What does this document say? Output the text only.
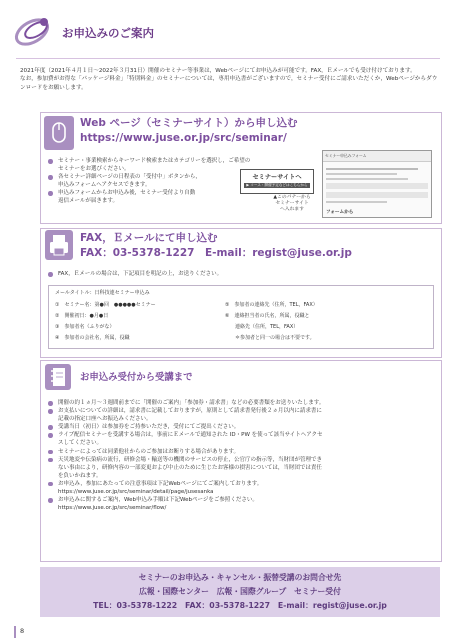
お申込みのご案内
2021年度（2021年４月１日～2022年３月31日）開催のセミナー等事業は，Webページにてお申込みが可能です。FAX，Ｅメールでも受け付けております。
なお，参加費がお得な「パッケージ料金」「特別料金」のセミナーについては，専用申込書がございますので，セミナー受付にご請求いただくか，Webページからダウンロードをお願いします。
Web ページ（セミナーサイト）から申し込む
https://www.juse.or.jp/src/seminar/
セミナー・事業検索からキーワード検索またはカテゴリーを選択し，ご希望の
セミナーをお選びください。
各セミナー詳細ページの日程表の「受付中」ボタンから，
申込みフォームへアクセスできます。
申込みフォームからお申込み後，セミナー受付より自動
返信メールが届きます。
セミナーサイトへ
▶ コース・開催予定などはこちらから
▲このバナーから
セミナーサイト
へ入れます
セミナー申込みフォーム
フォームから
FAX，Ｅメールにて申し込む
FAX：03-5378-1227　E-mail：regist@juse.or.jp
FAX，Ｅメールの場合は，下記項目を明記の上，お送りください。
メールタイトル：日科技連セミナー申込み
①　セミナー名：第●回　●●●●●セミナー
②　開催初日：●月●日
③　参加者名（ふりがな）
④　参加者の会社名，所属，役職
⑤　参加者の連絡先（住所，TEL，FAX）
⑥　連絡担当者の氏名，所属，役職と
　　連絡先（住所，TEL，FAX）
　　＊参加者と同一の場合は不要です。
お申込み受付から受講まで
開催の約１ヵ月～３週間前までに「開催のご案内」「参加券・請求書」などの必要書類をお送りいたします。
お支払いについての詳細は，請求書に記載しておりますが，原則として請求書発行後２ヵ月以内に請求書に
記載の指定口座へお振込みください。
受講当日（初日）は参加券をご持参いただき，受付にてご提出ください。
ライブ配信セミナーを受講する場合は，事前にＥメールで通知された ID・PW を使って該当サイトへアクセ
スしてください。
セミナーによっては同業他社からのご参加はお断りする場合があります。
天災地変や伝染病の流行，研修会場・輸送等の機関のサービスの停止，公官庁の指示等，当財団が管理でき
ない事由により，研修内容の一部変更および中止のために生じたお客様の損害については，当財団では責任
を負いかねます。
お申込み，参加にあたっての注意事項は下記Webページにてご案内しております。
https://www.juse.or.jp/src/seminar/detail/page/jusesanka
お申込みに関するご案内，Web申込み手順は下記Webページをご参照ください。
https://www.juse.or.jp/src/seminar/flow/
セミナーのお申込み・キャンセル・振替受講のお問合せ先
広報・国際センター　広報・国際グループ　セミナー受付
TEL：03-5378-1222　FAX：03-5378-1227　E-mail：regist@juse.or.jp
8
